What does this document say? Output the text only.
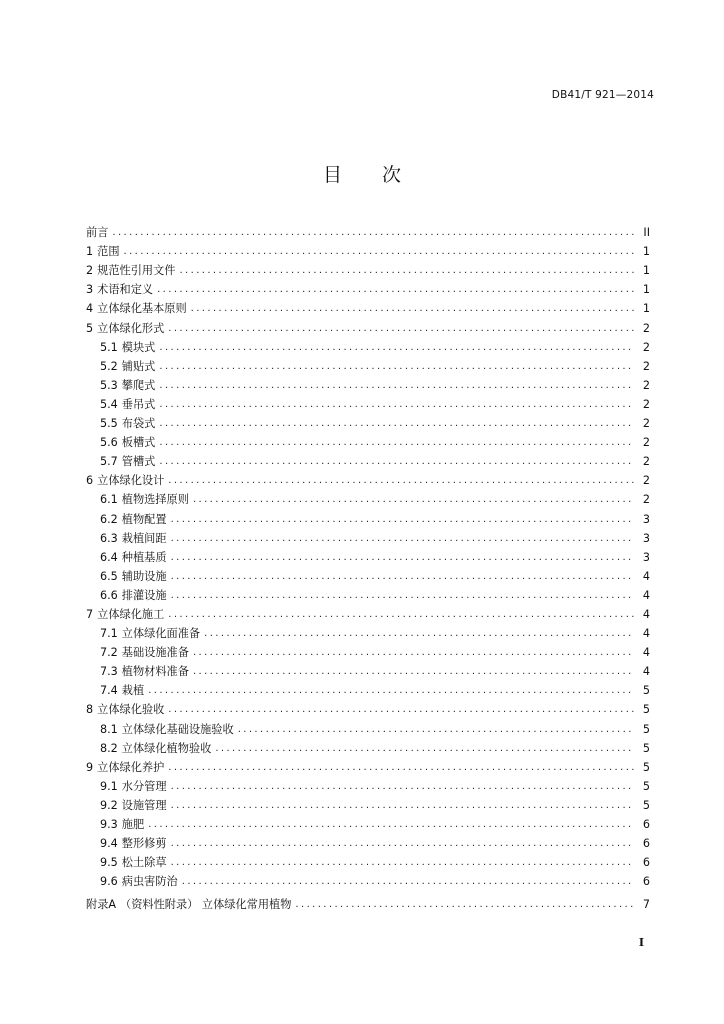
DB41/T 921—2014
目 次
前言 .....	II
1 范围 .....	1
2 规范性引用文件 .....	1
3 术语和定义 .....	1
4 立体绿化基本原则 .....	1
5 立体绿化形式 .....	2
5.1 模块式 .....	2
5.2 铺贴式 .....	2
5.3 攀爬式 .....	2
5.4 垂吊式 .....	2
5.5 布袋式 .....	2
5.6 板槽式 .....	2
5.7 管槽式 .....	2
6 立体绿化设计 .....	2
6.1 植物选择原则 .....	2
6.2 植物配置 .....	3
6.3 栽植间距 .....	3
6.4 种植基质 .....	3
6.5 辅助设施 .....	4
6.6 排灌设施 .....	4
7 立体绿化施工 .....	4
7.1 立体绿化面准备 .....	4
7.2 基础设施准备 .....	4
7.3 植物材料准备 .....	4
7.4 栽植 .....	5
8 立体绿化验收 .....	5
8.1 立体绿化基础设施验收 .....	5
8.2 立体绿化植物验收 .....	5
9 立体绿化养护 .....	5
9.1 水分管理 .....	5
9.2 设施管理 .....	5
9.3 施肥 .....	6
9.4 整形修剪 .....	6
9.5 松土除草 .....	6
9.6 病虫害防治 .....	6
附录A （资料性附录） 立体绿化常用植物 .....	7
I
